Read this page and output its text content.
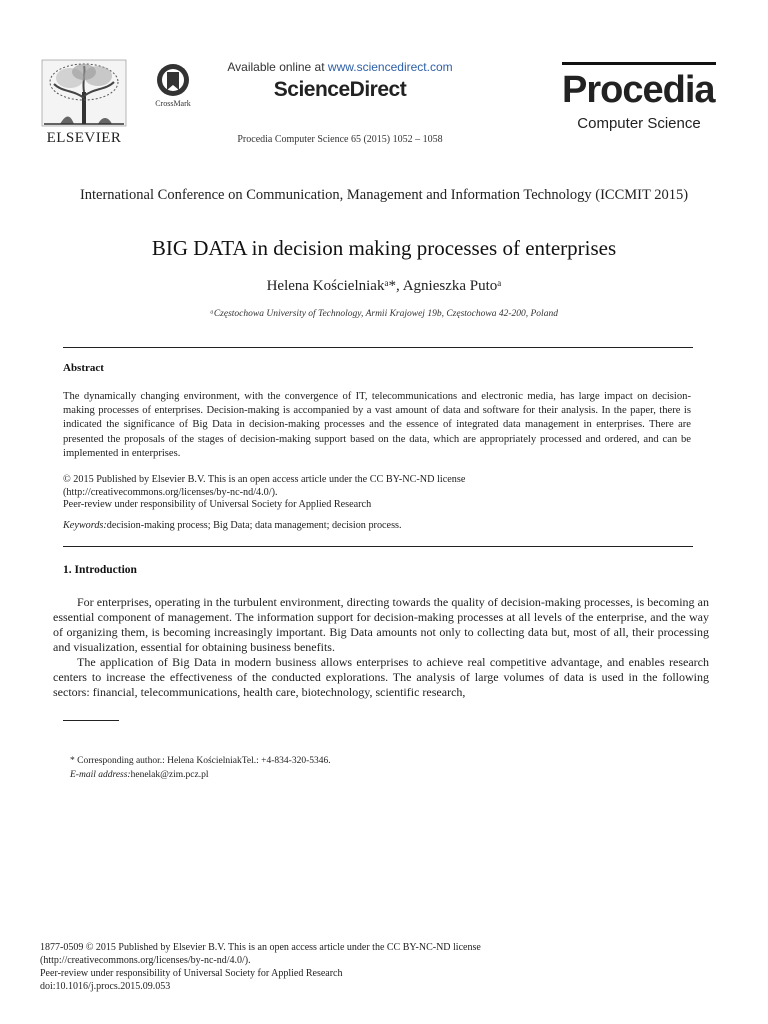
ELSEVIER
CrossMark
Available online at www.sciencedirect.com
ScienceDirect
Procedia Computer Science 65 (2015) 1052 – 1058
Procedia
Computer Science
International Conference on Communication, Management and Information Technology (ICCMIT 2015)
BIG DATA in decision making processes of enterprises
Helena Kościelniakᵃ*, Agnieszka Putoᵃ
ᵃCzęstochowa University of Technology, Armii Krajowej 19b, Częstochowa 42-200, Poland
Abstract
The dynamically changing environment, with the convergence of IT, telecommunications and electronic media, has large impact on decision-making processes of enterprises. Decision-making is accompanied by a vast amount of data and software for their analysis. In the paper, there is indicated the significance of Big Data in decision-making processes and the essence of integrated data management in enterprises. There are presented the proposals of the stages of decision-making support based on the data, which are appropriately processed and ordered, and can be implemented in enterprises.
© 2015 Published by Elsevier B.V. This is an open access article under the CC BY-NC-ND license
(http://creativecommons.org/licenses/by-nc-nd/4.0/).
Peer-review under responsibility of Universal Society for Applied Research
Keywords:decision-making process; Big Data; data management; decision process.
1. Introduction

For enterprises, operating in the turbulent environment, directing towards the quality of decision-making processes, is becoming an essential component of management. The information support for decision-making processes at all levels of the enterprise, and the way of organizing them, is becoming increasingly important. Big Data amounts not only to collecting data but, most of all, their processing and visualization, essential for obtaining business benefits.

The application of Big Data in modern business allows enterprises to achieve real competitive advantage, and enables research centers to increase the effectiveness of the conducted explorations. The analysis of large volumes of data is used in the following sectors: financial, telecommunications, health care, biotechnology, scientific research,

* Corresponding author.: Helena KościelniakTel.: +4-834-320-5346.
E-mail address:henelak@zim.pcz.pl
1877-0509 © 2015 Published by Elsevier B.V. This is an open access article under the CC BY-NC-ND license
(http://creativecommons.org/licenses/by-nc-nd/4.0/).
Peer-review under responsibility of Universal Society for Applied Research
doi:10.1016/j.procs.2015.09.053
